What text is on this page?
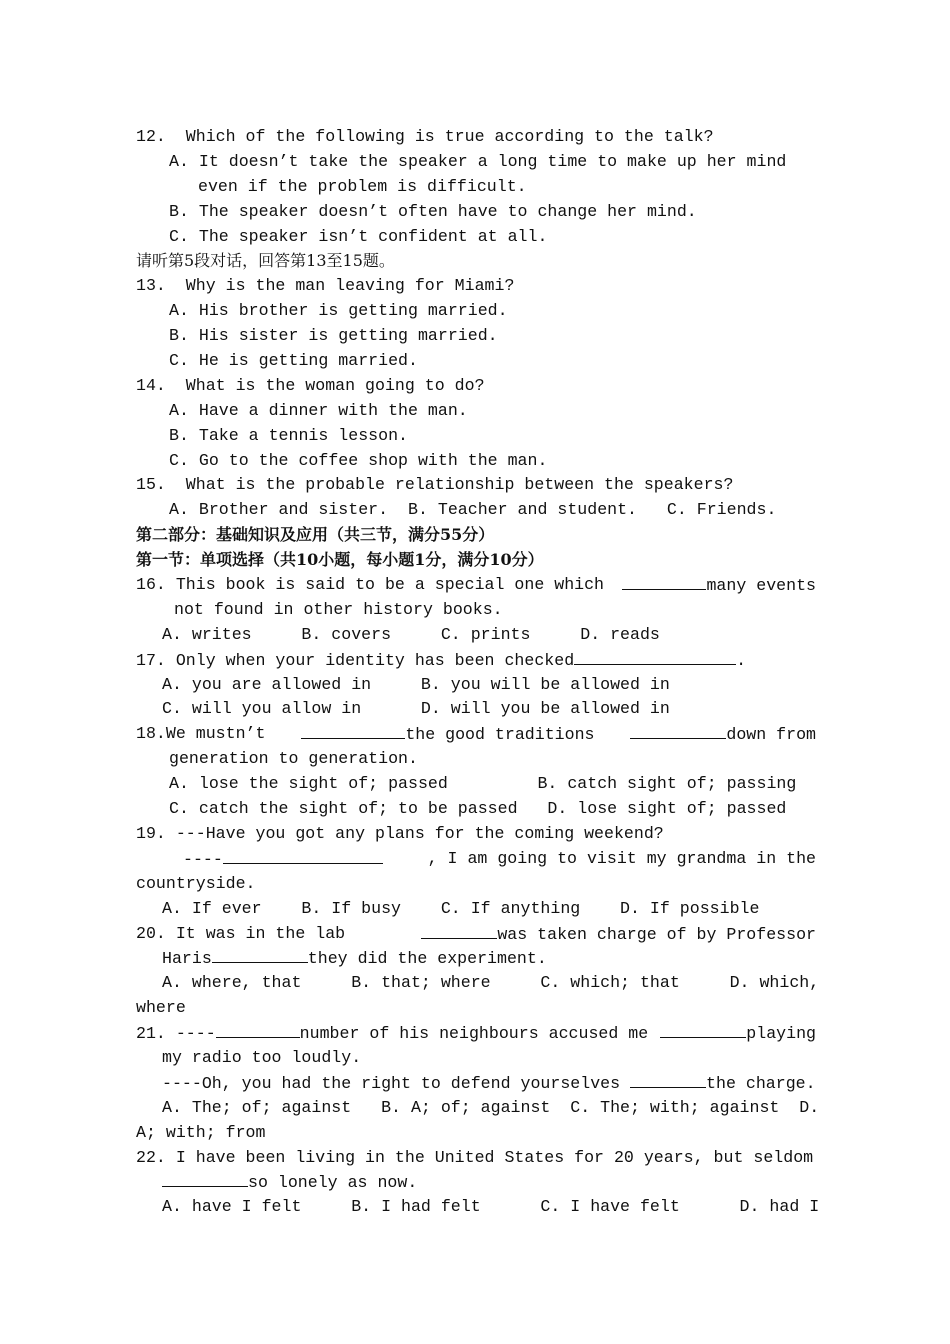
12.  Which of the following is true according to the talk?
A. It doesn’t take the speaker a long time to make up her mind
even if the problem is difficult.
B. The speaker doesn’t often have to change her mind.
C. The speaker isn’t confident at all.
请听第5段对话，回答第13至15题。
13.  Why is the man leaving for Miami?
A. His brother is getting married.
B. His sister is getting married.
C. He is getting married.
14.  What is the woman going to do?
A. Have a dinner with the man.
B. Take a tennis lesson.
C. Go to the coffee shop with the man.
15.  What is the probable relationship between the speakers?
A. Brother and sister.  B. Teacher and student.   C. Friends.
第二部分：基础知识及应用（共三节，满分55分）
第一节：单项选择（共10小题，每小题1分，满分10分）
16. This book is said to be a special one which	many events
not found in other history books.
A. writes     B. covers     C. prints     D. reads
17. Only when your identity has been checked	.
A. you are allowed in     B. you will be allowed in
C. will you allow in      D. will you be allowed in
18.We mustn’t	the good traditions	down from
generation to generation.
A. lose the sight of; passed         B. catch sight of; passing
C. catch the sight of; to be passed   D. lose sight of; passed
19. ---Have you got any plans for the coming weekend?
----	, I am going to visit my grandma in the
countryside.
A. If ever    B. If busy    C. If anything    D. If possible
20. It was in the lab	was taken charge of by Professor
Haris	they did the experiment.
A. where, that     B. that; where     C. which; that     D. which,
where
21. ----	number of his neighbours accused me	playing
my radio too loudly.
----Oh, you had the right to defend yourselves	the charge.
A. The; of; against   B. A; of; against  C. The; with; against  D.
A; with; from
22. I have been living in the United States for 20 years, but seldom
so lonely as now.
A. have I felt     B. I had felt      C. I have felt      D. had I
